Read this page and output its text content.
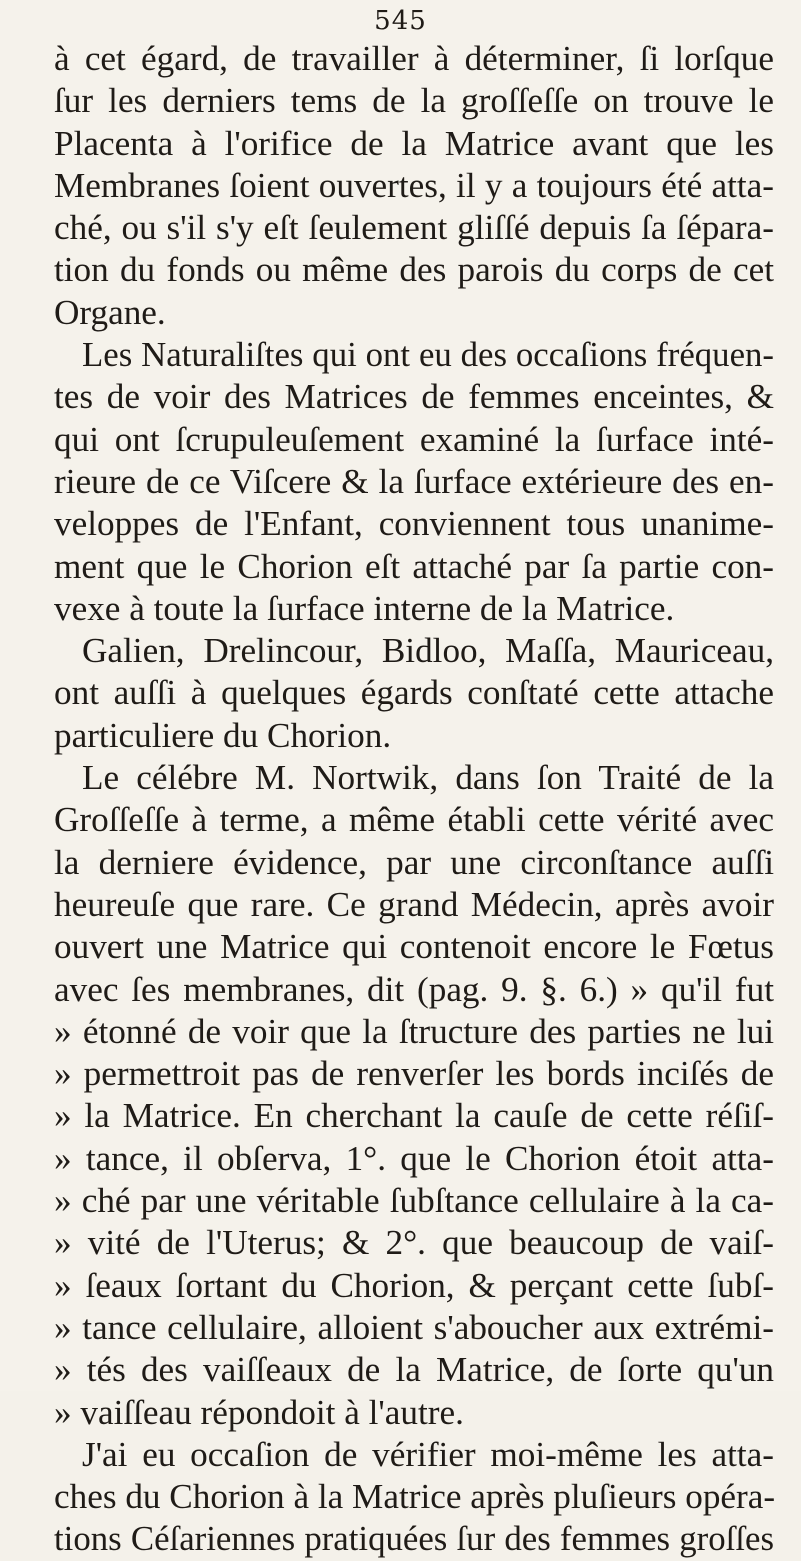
545
à cet égard, de travailler à déterminer, ſi lorſque
ſur les derniers tems de la groſſeſſe on trouve le
Placenta à l'orifice de la Matrice avant que les
Membranes ſoient ouvertes, il y a toujours été atta-
ché, ou s'il s'y eſt ſeulement gliſſé depuis ſa ſépara-
tion du fonds ou même des parois du corps de cet
Organe.
Les Naturaliſtes qui ont eu des occaſions fréquen-
tes de voir des Matrices de femmes enceintes, &
qui ont ſcrupuleuſement examiné la ſurface inté-
rieure de ce Viſcere & la ſurface extérieure des en-
veloppes de l'Enfant, conviennent tous unanime-
ment que le Chorion eſt attaché par ſa partie con-
vexe à toute la ſurface interne de la Matrice.
Galien, Drelincour, Bidloo, Maſſa, Mauriceau,
ont auſſi à quelques égards conſtaté cette attache
particuliere du Chorion.
Le célébre M. Nortwik, dans ſon Traité de la
Groſſeſſe à terme, a même établi cette vérité avec
la derniere évidence, par une circonſtance auſſi
heureuſe que rare. Ce grand Médecin, après avoir
ouvert une Matrice qui contenoit encore le Fœtus
avec ſes membranes, dit (pag. 9. §. 6.) » qu'il fut
» étonné de voir que la ſtructure des parties ne lui
» permettroit pas de renverſer les bords inciſés de
» la Matrice. En cherchant la cauſe de cette réſiſ-
» tance, il obſerva, 1°. que le Chorion étoit atta-
» ché par une véritable ſubſtance cellulaire à la ca-
» vité de l'Uterus; & 2°. que beaucoup de vaiſ-
» ſeaux ſortant du Chorion, & perçant cette ſubſ-
» tance cellulaire, alloient s'aboucher aux extrémi-
» tés des vaiſſeaux de la Matrice, de ſorte qu'un
» vaiſſeau répondoit à l'autre.
J'ai eu occaſion de vérifier moi-même les atta-
ches du Chorion à la Matrice après pluſieurs opéra-
tions Céſariennes pratiquées ſur des femmes groſſes
